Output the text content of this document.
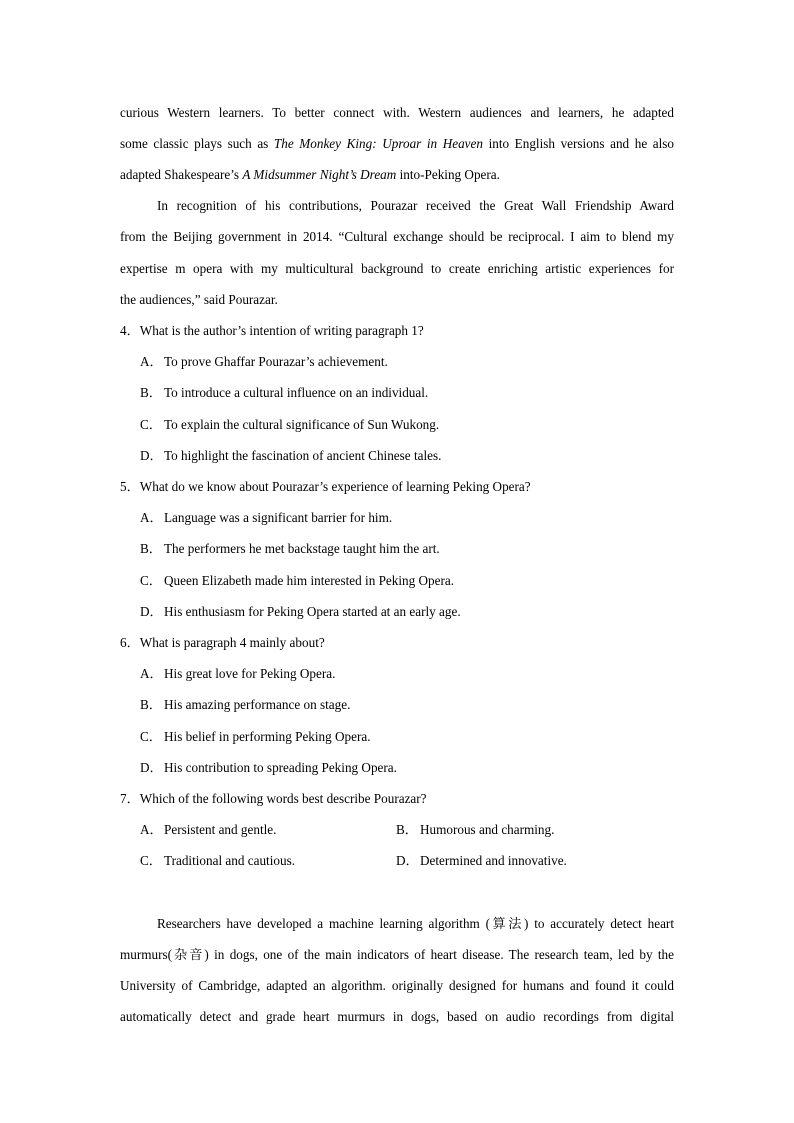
curious Western learners. To better connect with. Western audiences and learners, he adapted
some classic plays such as The Monkey King: Uproar in Heaven into English versions and he also
adapted Shakespeare’s A Midsummer Night’s Dream into-Peking Opera.
In recognition of his contributions, Pourazar received the Great Wall Friendship Award
from the Beijing government in 2014. “Cultural exchange should be reciprocal. I aim to blend my
expertise m opera with my multicultural background to create enriching artistic experiences for
the audiences,” said Pourazar.
4．What is the author’s intention of writing paragraph 1?
A．To prove Ghaffar Pourazar’s achievement.
B． To introduce a cultural influence on an individual.
C． To explain the cultural significance of Sun Wukong.
D．To highlight the fascination of ancient Chinese tales.
5．What do we know about Pourazar’s experience of learning Peking Opera?
A．Language was a significant barrier for him.
B． The performers he met backstage taught him the art.
C． Queen Elizabeth made him interested in Peking Opera.
D．His enthusiasm for Peking Opera started at an early age.
6．What is paragraph 4 mainly about?
A．His great love for Peking Opera.
B． His amazing performance on stage.
C． His belief in performing Peking Opera.
D．His contribution to spreading Peking Opera.
7．Which of the following words best describe Pourazar?
A．Persistent and gentle.	B． Humorous and charming.
C． Traditional and cautious.	D．Determined and innovative.
Researchers have developed a machine learning algorithm (算法) to accurately detect heart
murmurs(杂音) in dogs, one of the main indicators of heart disease. The research team, led by the
University of Cambridge, adapted an algorithm. originally designed for humans and found it could
automatically detect and grade heart murmurs in dogs, based on audio recordings from digital
